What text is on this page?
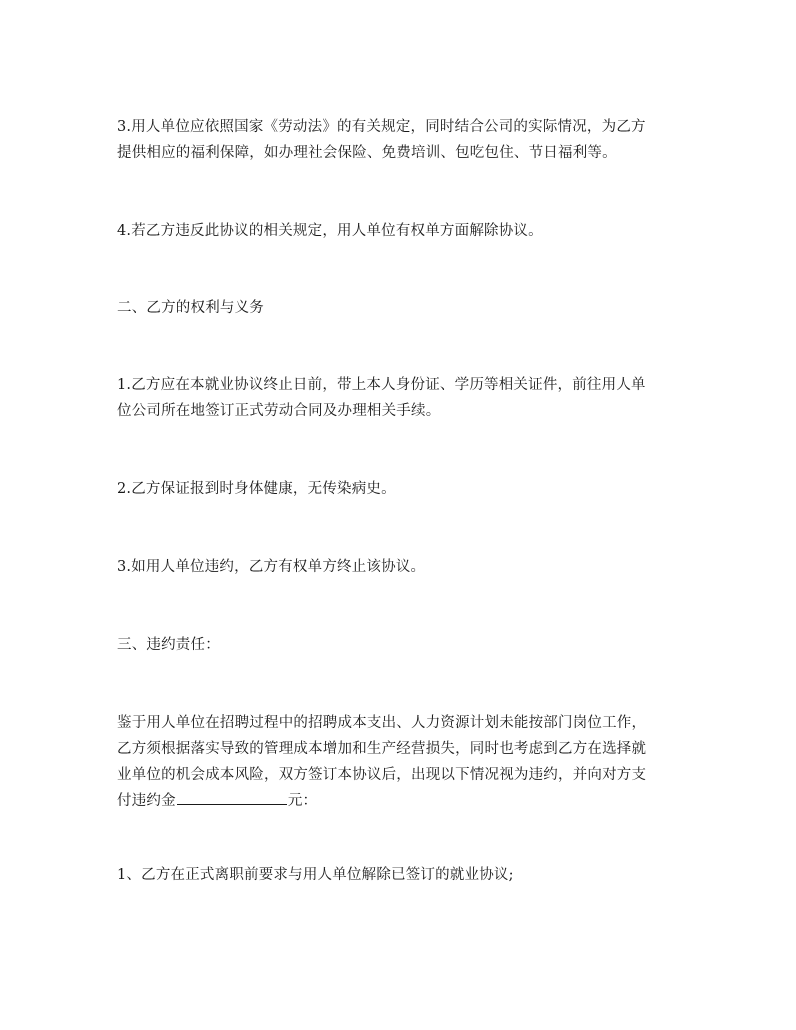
3.用人单位应依照国家《劳动法》的有关规定，同时结合公司的实际情况，为乙方
提供相应的福利保障，如办理社会保险、免费培训、包吃包住、节日福利等。
4.若乙方违反此协议的相关规定，用人单位有权单方面解除协议。
二、乙方的权利与义务
1.乙方应在本就业协议终止日前，带上本人身份证、学历等相关证件，前往用人单
位公司所在地签订正式劳动合同及办理相关手续。
2.乙方保证报到时身体健康，无传染病史。
3.如用人单位违约，乙方有权单方终止该协议。
三、违约责任：
鉴于用人单位在招聘过程中的招聘成本支出、人力资源计划未能按部门岗位工作，
乙方须根据落实导致的管理成本增加和生产经营损失，同时也考虑到乙方在选择就
业单位的机会成本风险，双方签订本协议后，出现以下情况视为违约，并向对方支
付违约金	元：
1、乙方在正式离职前要求与用人单位解除已签订的就业协议;
